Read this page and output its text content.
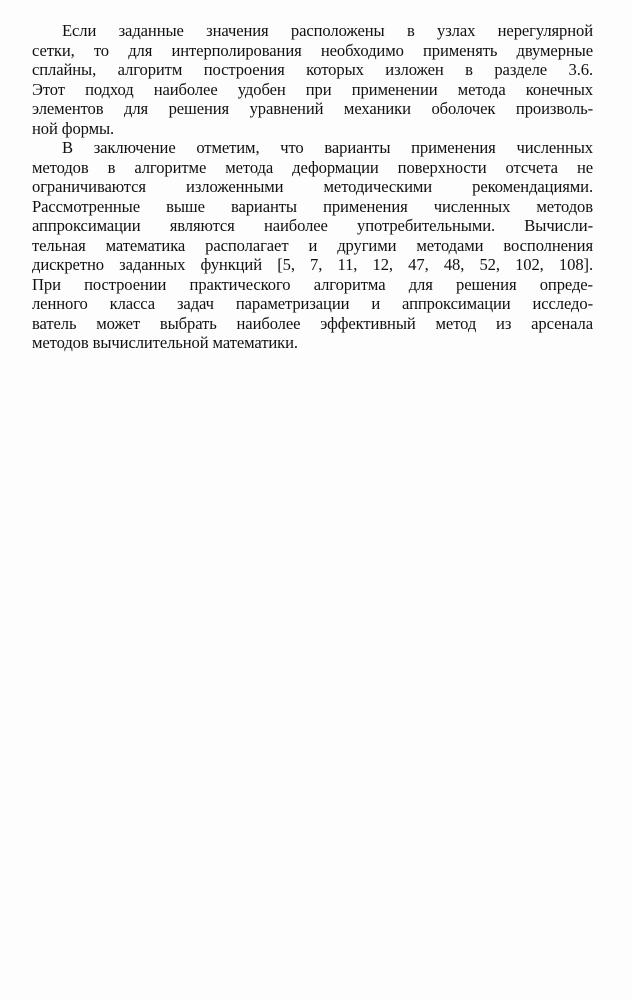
Если заданные значения расположены в узлах нерегулярной
сетки, то для интерполирования необходимо применять двумерные
сплайны, алгоритм построения которых изложен в разделе 3.6.
Этот подход наиболее удобен при применении метода конечных
элементов для решения уравнений механики оболочек произволь-
ной формы.

В заключение отметим, что варианты применения численных
методов в алгоритме метода деформации поверхности отсчета не
ограничиваются изложенными методическими рекомендациями.
Рассмотренные выше варианты применения численных методов
аппроксимации являются наиболее употребительными. Вычисли-
тельная математика располагает и другими методами восполнения
дискретно заданных функций [5, 7, 11, 12, 47, 48, 52, 102, 108].
При построении практического алгоритма для решения опреде-
ленного класса задач параметризации и аппроксимации исследо-
ватель может выбрать наиболее эффективный метод из арсенала
методов вычислительной математики.
